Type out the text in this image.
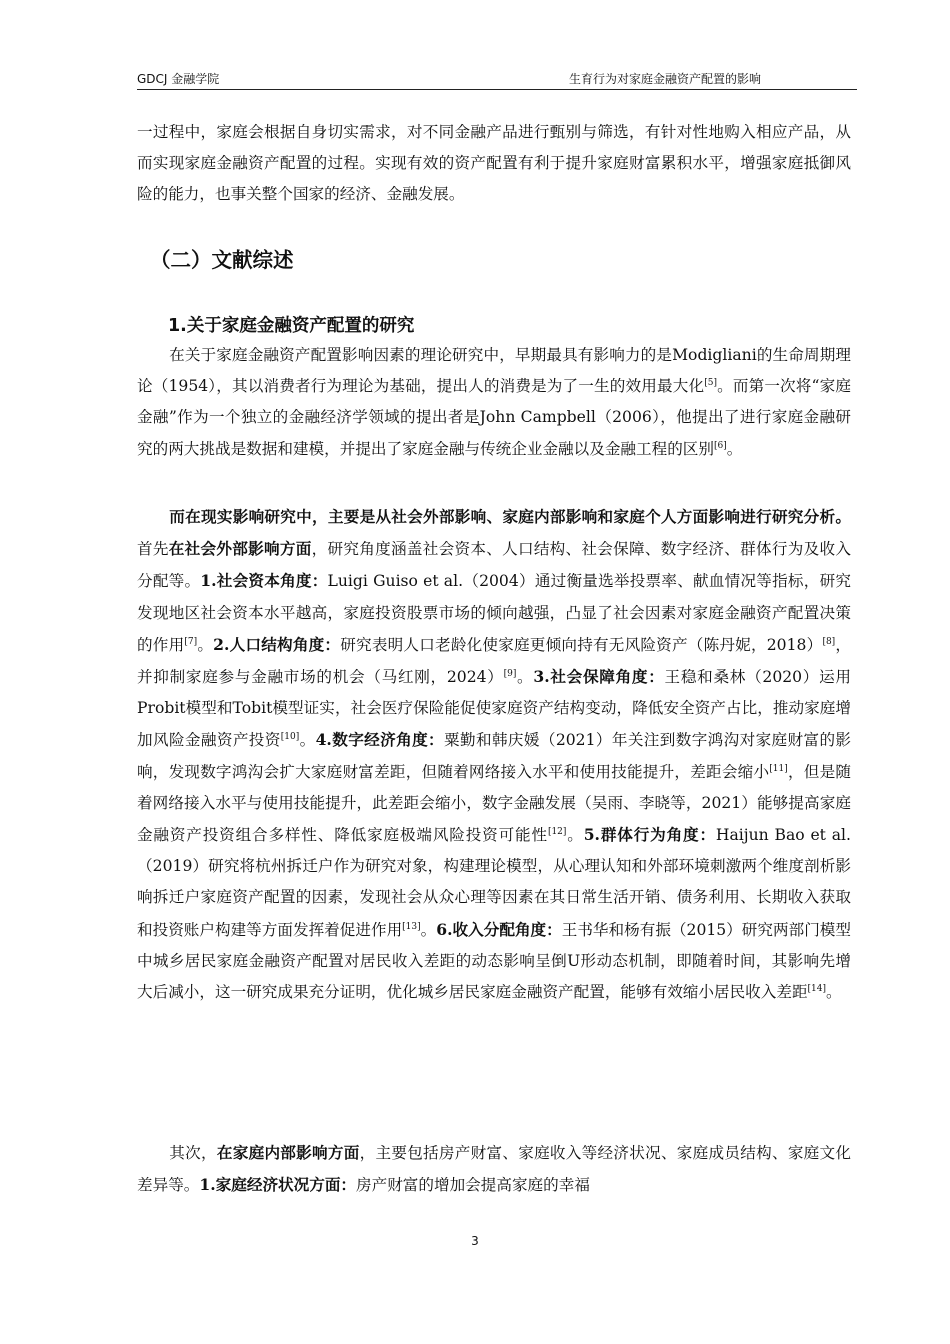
GDCJ 金融学院	生育行为对家庭金融资产配置的影响

一过程中，家庭会根据自身切实需求，对不同金融产品进行甄别与筛选，有针对性地购入相应产品，从而实现家庭金融资产配置的过程。实现有效的资产配置有利于提升家庭财富累积水平，增强家庭抵御风险的能力，也事关整个国家的经济、金融发展。

（二）文献综述
1.关于家庭金融资产配置的研究

在关于家庭金融资产配置影响因素的理论研究中，早期最具有影响力的是Modigliani的生命周期理论（1954），其以消费者行为理论为基础，提出人的消费是为了一生的效用最大化[5]。而第一次将“家庭金融”作为一个独立的金融经济学领域的提出者是John Campbell（2006），他提出了进行家庭金融研究的两大挑战是数据和建模，并提出了家庭金融与传统企业金融以及金融工程的区别[6]。

而在现实影响研究中，主要是从社会外部影响、家庭内部影响和家庭个人方面影响进行研究分析。首先在社会外部影响方面，研究角度涵盖社会资本、人口结构、社会保障、数字经济、群体行为及收入分配等。1.社会资本角度：Luigi Guiso et al.（2004）通过衡量选举投票率、献血情况等指标，研究发现地区社会资本水平越高，家庭投资股票市场的倾向越强，凸显了社会因素对家庭金融资产配置决策的作用[7]。2.人口结构角度：研究表明人口老龄化使家庭更倾向持有无风险资产（陈丹妮，2018）[8]，并抑制家庭参与金融市场的机会（马红刚，2024）[9]。3.社会保障角度：王稳和桑林（2020）运用Probit模型和Tobit模型证实，社会医疗保险能促使家庭资产结构变动，降低安全资产占比，推动家庭增加风险金融资产投资[10]。4.数字经济角度：粟勤和韩庆媛（2021）年关注到数字鸿沟对家庭财富的影响，发现数字鸿沟会扩大家庭财富差距，但随着网络接入水平和使用技能提升，差距会缩小[11]，但是随着网络接入水平与使用技能提升，此差距会缩小，数字金融发展（吴雨、李晓等，2021）能够提高家庭金融资产投资组合多样性、降低家庭极端风险投资可能性[12]。5.群体行为角度：Haijun Bao et al.（2019）研究将杭州拆迁户作为研究对象，构建理论模型，从心理认知和外部环境刺激两个维度剖析影响拆迁户家庭资产配置的因素，发现社会从众心理等因素在其日常生活开销、债务利用、长期收入获取和投资账户构建等方面发挥着促进作用[13]。6.收入分配角度：王书华和杨有振（2015）研究两部门模型中城乡居民家庭金融资产配置对居民收入差距的动态影响呈倒U形动态机制，即随着时间，其影响先增大后减小，这一研究成果充分证明，优化城乡居民家庭金融资产配置，能够有效缩小居民收入差距[14]。

其次，在家庭内部影响方面，主要包括房产财富、家庭收入等经济状况、家庭成员结构、家庭文化差异等。1.家庭经济状况方面：房产财富的增加会提高家庭的幸福

3
